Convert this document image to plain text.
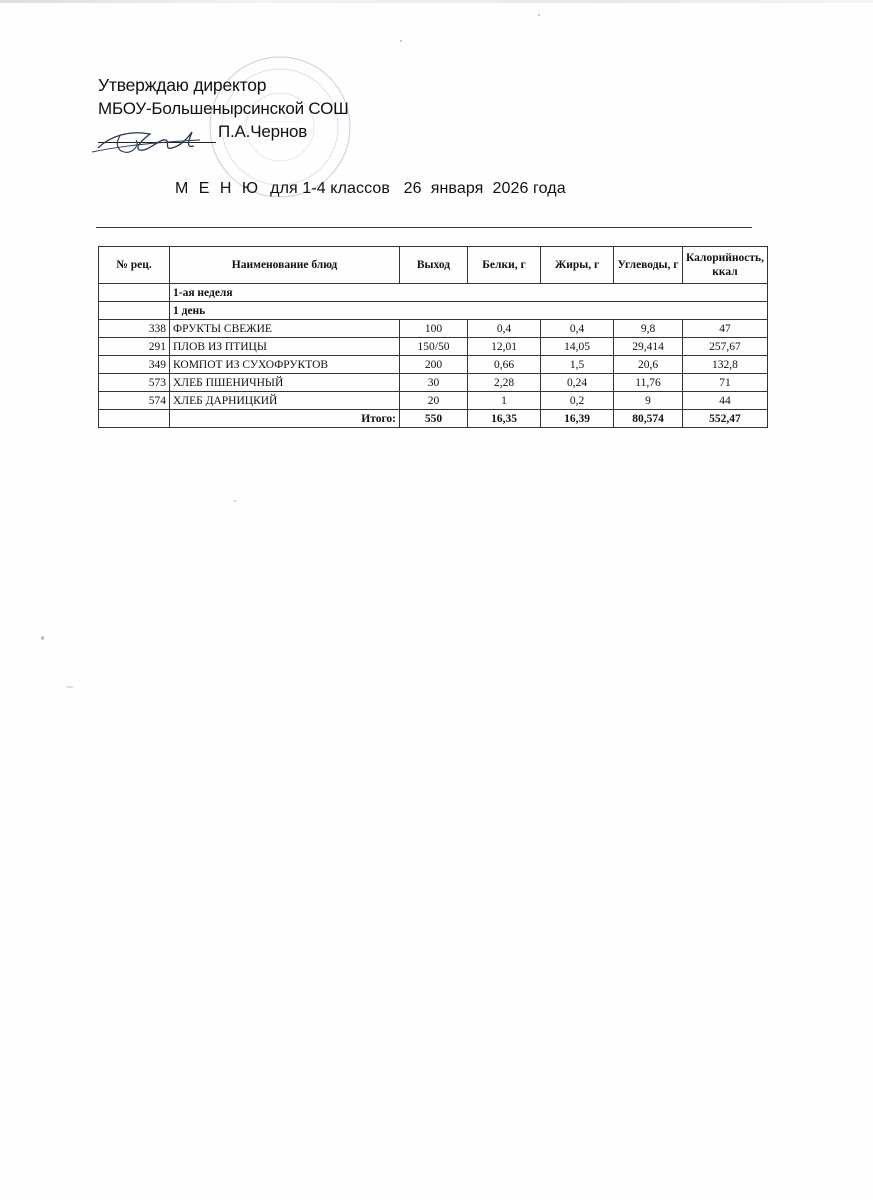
Утверждаю директор
МБОУ-Большенырсинской СОШ
П.А.Чернов
М Е Н Ю  для 1-4 классов   26  января  2026 года
№ рец.	Наименование блюд	Выход	Белки, г	Жиры, г	Углеводы, г	Калорийность, ккал
	1-ая неделя					
	1 день					
338	ФРУКТЫ СВЕЖИЕ	100	0,4	0,4	9,8	47
291	ПЛОВ ИЗ ПТИЦЫ	150/50	12,01	14,05	29,414	257,67
349	КОМПОТ ИЗ СУХОФРУКТОВ	200	0,66	1,5	20,6	132,8
573	ХЛЕБ ПШЕНИЧНЫЙ	30	2,28	0,24	11,76	71
574	ХЛЕБ ДАРНИЦКИЙ	20	1	0,2	9	44
	Итого:	550	16,35	16,39	80,574	552,47
